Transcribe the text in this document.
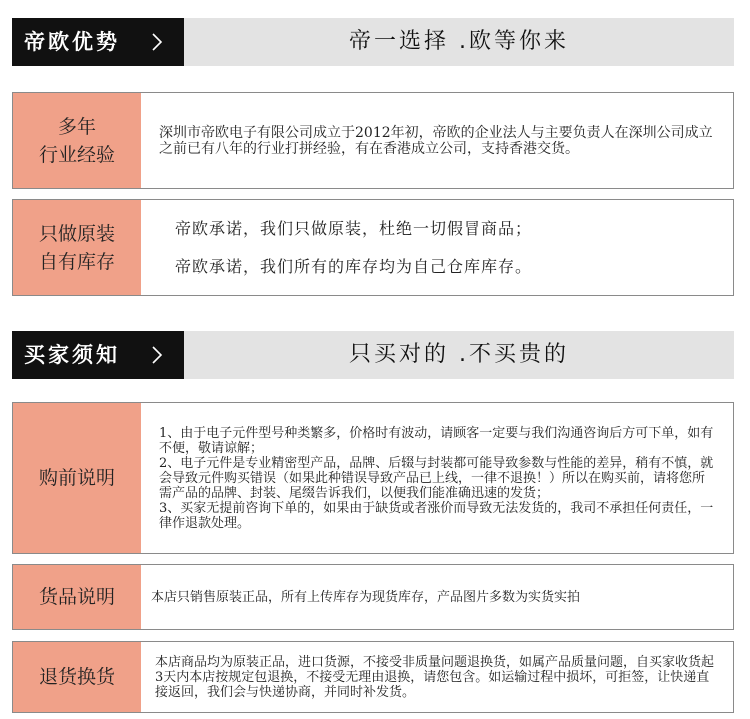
帝欧优势	帝一选择 .欧等你来
多年
行业经验

深圳市帝欧电子有限公司成立于2012年初，帝欧的企业法人与主要负责人在深圳公司成立之前已有八年的行业打拼经验，有在香港成立公司，支持香港交货。

只做原装
自有库存

帝欧承诺，我们只做原装，杜绝一切假冒商品；

帝欧承诺，我们所有的库存均为自己仓库库存。

买家须知	只买对的 .不买贵的
购前说明

1、由于电子元件型号种类繁多，价格时有波动，请顾客一定要与我们沟通咨询后方可下单，如有不便，敬请谅解；

2、电子元件是专业精密型产品，品牌、后辍与封装都可能导致参数与性能的差异，稍有不慎，就会导致元件购买错误（如果此种错误导致产品已上线，一律不退换！）所以在购买前，请将您所需产品的品牌、封装、尾缀告诉我们，以便我们能准确迅速的发货；

3、买家无提前咨询下单的，如果由于缺货或者涨价而导致无法发货的，我司不承担任何责任，一律作退款处理。

货品说明	本店只销售原装正品，所有上传库存为现货库存，产品图片多数为实货实拍

退货换货

本店商品均为原装正品，进口货源，不接受非质量问题退换货，如属产品质量问题，自买家收货起3天内本店按规定包退换，不接受无理由退换，请您包含。如运输过程中损坏，可拒签，让快递直接返回，我们会与快递协商，并同时补发货。
